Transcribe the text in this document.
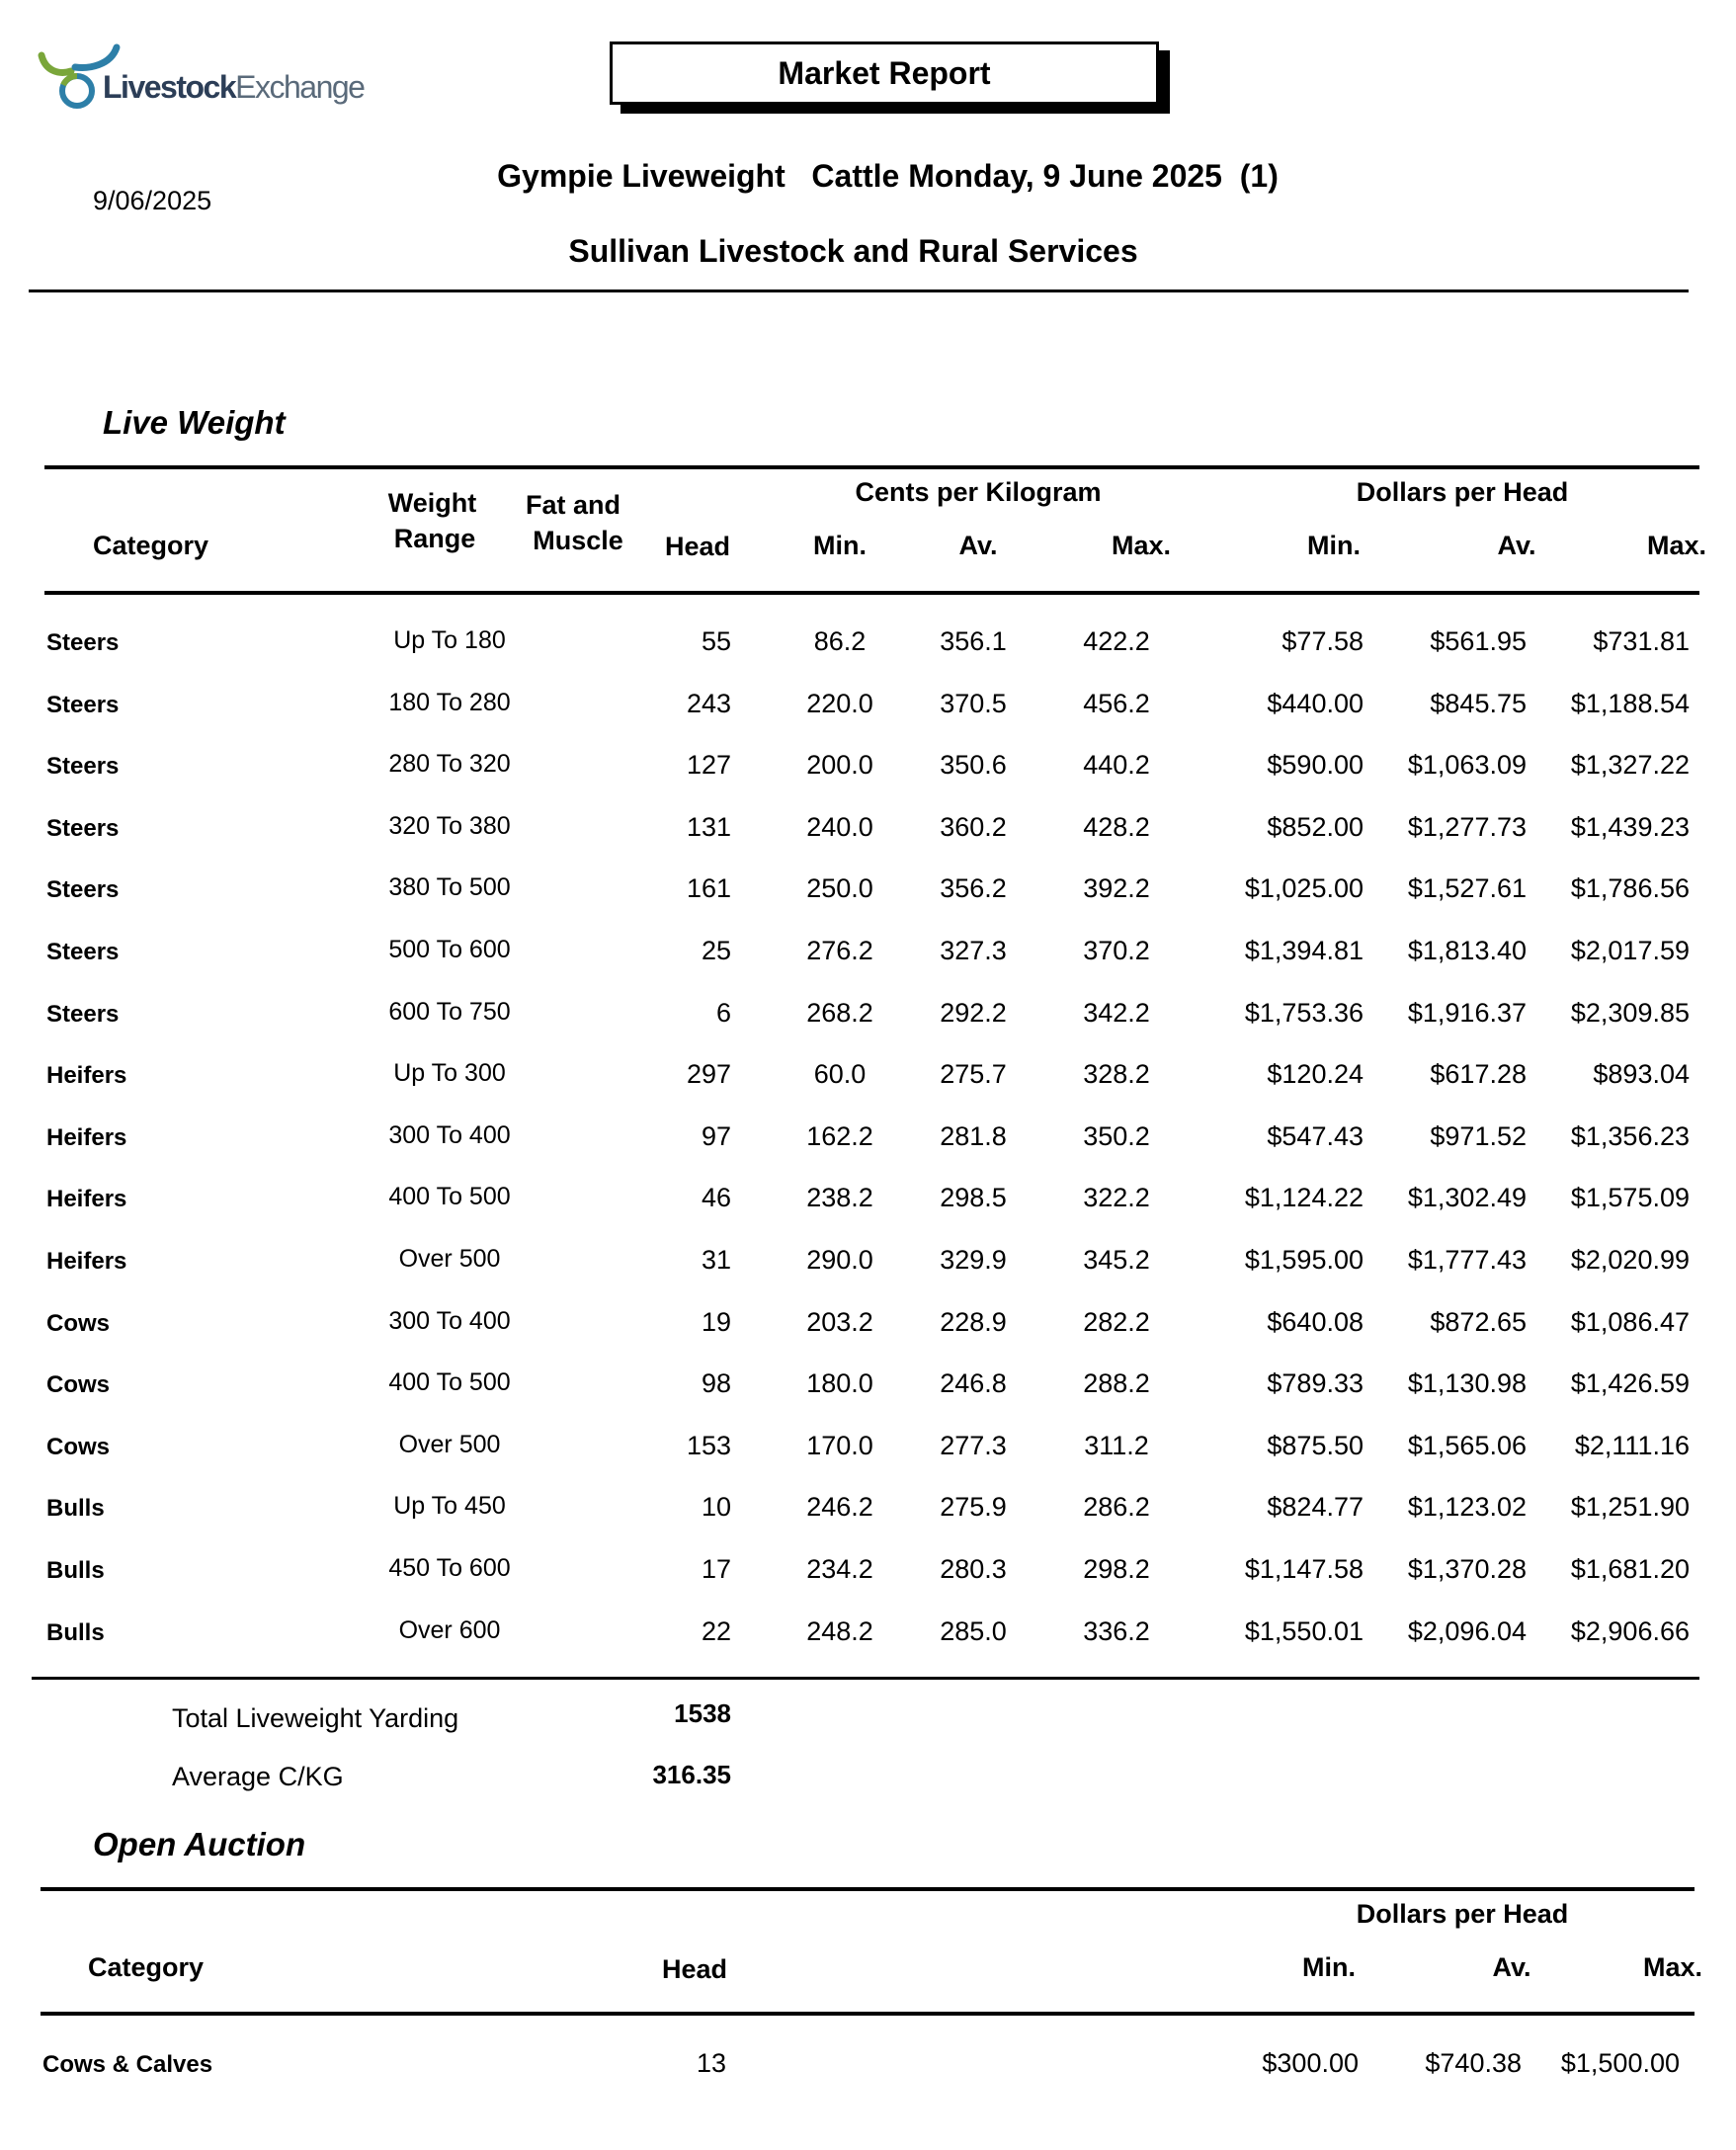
LivestockExchange	Market Report
9/06/2025
Gympie Liveweight   Cattle Monday, 9 June 2025  (1)
Sullivan Livestock and Rural Services
Live Weight
Category
Weight
Range
Fat and
Muscle	Head
Cents per Kilogram	Dollars per Head
Min.	Av.	Max.	Min.	Av.	Max.
Steers	Up To 180	55	86.2	356.1	422.2	$77.58	$561.95	$731.81
Steers	180 To 280	243	220.0	370.5	456.2	$440.00	$845.75	$1,188.54
Steers	280 To 320	127	200.0	350.6	440.2	$590.00	$1,063.09	$1,327.22
Steers	320 To 380	131	240.0	360.2	428.2	$852.00	$1,277.73	$1,439.23
Steers	380 To 500	161	250.0	356.2	392.2	$1,025.00	$1,527.61	$1,786.56
Steers	500 To 600	25	276.2	327.3	370.2	$1,394.81	$1,813.40	$2,017.59
Steers	600 To 750	6	268.2	292.2	342.2	$1,753.36	$1,916.37	$2,309.85
Heifers	Up To 300	297	60.0	275.7	328.2	$120.24	$617.28	$893.04
Heifers	300 To 400	97	162.2	281.8	350.2	$547.43	$971.52	$1,356.23
Heifers	400 To 500	46	238.2	298.5	322.2	$1,124.22	$1,302.49	$1,575.09
Heifers	Over 500	31	290.0	329.9	345.2	$1,595.00	$1,777.43	$2,020.99
Cows	300 To 400	19	203.2	228.9	282.2	$640.08	$872.65	$1,086.47
Cows	400 To 500	98	180.0	246.8	288.2	$789.33	$1,130.98	$1,426.59
Cows	Over 500	153	170.0	277.3	311.2	$875.50	$1,565.06	$2,111.16
Bulls	Up To 450	10	246.2	275.9	286.2	$824.77	$1,123.02	$1,251.90
Bulls	450 To 600	17	234.2	280.3	298.2	$1,147.58	$1,370.28	$1,681.20
Bulls	Over 600	22	248.2	285.0	336.2	$1,550.01	$2,096.04	$2,906.66
Total Liveweight Yarding	1538
Average C/KG	316.35
Open Auction
Dollars per Head
Category	Head	Min.	Av.	Max.
Cows & Calves	13	$300.00	$740.38	$1,500.00
